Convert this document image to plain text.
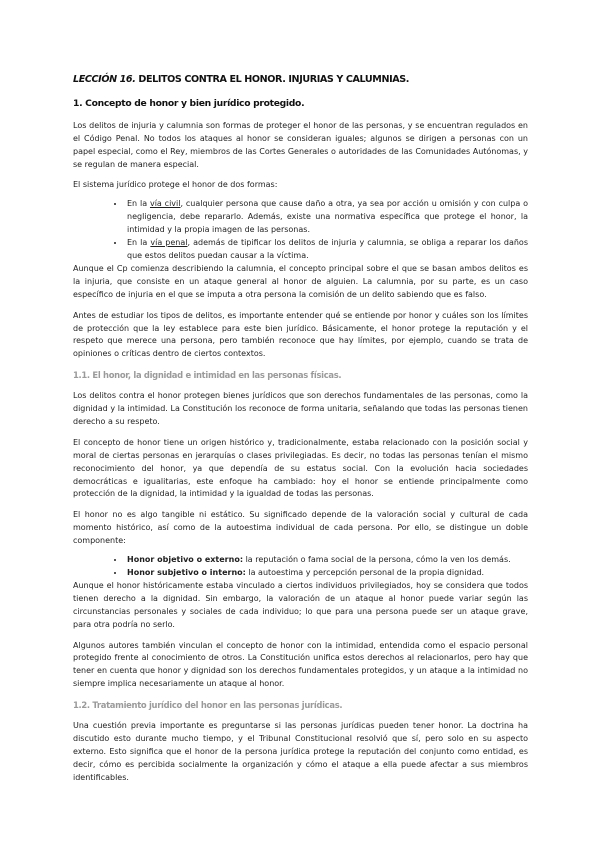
LECCIÓN 16. DELITOS CONTRA EL HONOR. INJURIAS Y CALUMNIAS.
1. Concepto de honor y bien jurídico protegido.

Los delitos de injuria y calumnia son formas de proteger el honor de las personas, y se encuentran regulados en el Código Penal. No todos los ataques al honor se consideran iguales; algunos se dirigen a personas con un papel especial, como el Rey, miembros de las Cortes Generales o autoridades de las Comunidades Autónomas, y se regulan de manera especial.

El sistema jurídico protege el honor de dos formas:

• En la vía civil, cualquier persona que cause daño a otra, ya sea por acción u omisión y con culpa o negligencia, debe repararlo. Además, existe una normativa específica que protege el honor, la intimidad y la propia imagen de las personas.
• En la vía penal, además de tipificar los delitos de injuria y calumnia, se obliga a reparar los daños que estos delitos puedan causar a la víctima.

Aunque el Cp comienza describiendo la calumnia, el concepto principal sobre el que se basan ambos delitos es la injuria, que consiste en un ataque general al honor de alguien. La calumnia, por su parte, es un caso específico de injuria en el que se imputa a otra persona la comisión de un delito sabiendo que es falso.

Antes de estudiar los tipos de delitos, es importante entender qué se entiende por honor y cuáles son los límites de protección que la ley establece para este bien jurídico. Básicamente, el honor protege la reputación y el respeto que merece una persona, pero también reconoce que hay límites, por ejemplo, cuando se trata de opiniones o críticas dentro de ciertos contextos.

1.1. El honor, la dignidad e intimidad en las personas físicas.

Los delitos contra el honor protegen bienes jurídicos que son derechos fundamentales de las personas, como la dignidad y la intimidad. La Constitución los reconoce de forma unitaria, señalando que todas las personas tienen derecho a su respeto.

El concepto de honor tiene un origen histórico y, tradicionalmente, estaba relacionado con la posición social y moral de ciertas personas en jerarquías o clases privilegiadas. Es decir, no todas las personas tenían el mismo reconocimiento del honor, ya que dependía de su estatus social. Con la evolución hacia sociedades democráticas e igualitarias, este enfoque ha cambiado: hoy el honor se entiende principalmente como protección de la dignidad, la intimidad y la igualdad de todas las personas.

El honor no es algo tangible ni estático. Su significado depende de la valoración social y cultural de cada momento histórico, así como de la autoestima individual de cada persona. Por ello, se distingue un doble componente:

• Honor objetivo o externo: la reputación o fama social de la persona, cómo la ven los demás.
• Honor subjetivo o interno: la autoestima y percepción personal de la propia dignidad.

Aunque el honor históricamente estaba vinculado a ciertos individuos privilegiados, hoy se considera que todos tienen derecho a la dignidad. Sin embargo, la valoración de un ataque al honor puede variar según las circunstancias personales y sociales de cada individuo; lo que para una persona puede ser un ataque grave, para otra podría no serlo.

Algunos autores también vinculan el concepto de honor con la intimidad, entendida como el espacio personal protegido frente al conocimiento de otros. La Constitución unifica estos derechos al relacionarlos, pero hay que tener en cuenta que honor y dignidad son los derechos fundamentales protegidos, y un ataque a la intimidad no siempre implica necesariamente un ataque al honor.

1.2. Tratamiento jurídico del honor en las personas jurídicas.

Una cuestión previa importante es preguntarse si las personas jurídicas pueden tener honor. La doctrina ha discutido esto durante mucho tiempo, y el Tribunal Constitucional resolvió que sí, pero solo en su aspecto externo. Esto significa que el honor de la persona jurídica protege la reputación del conjunto como entidad, es decir, cómo es percibida socialmente la organización y cómo el ataque a ella puede afectar a sus miembros identificables.
